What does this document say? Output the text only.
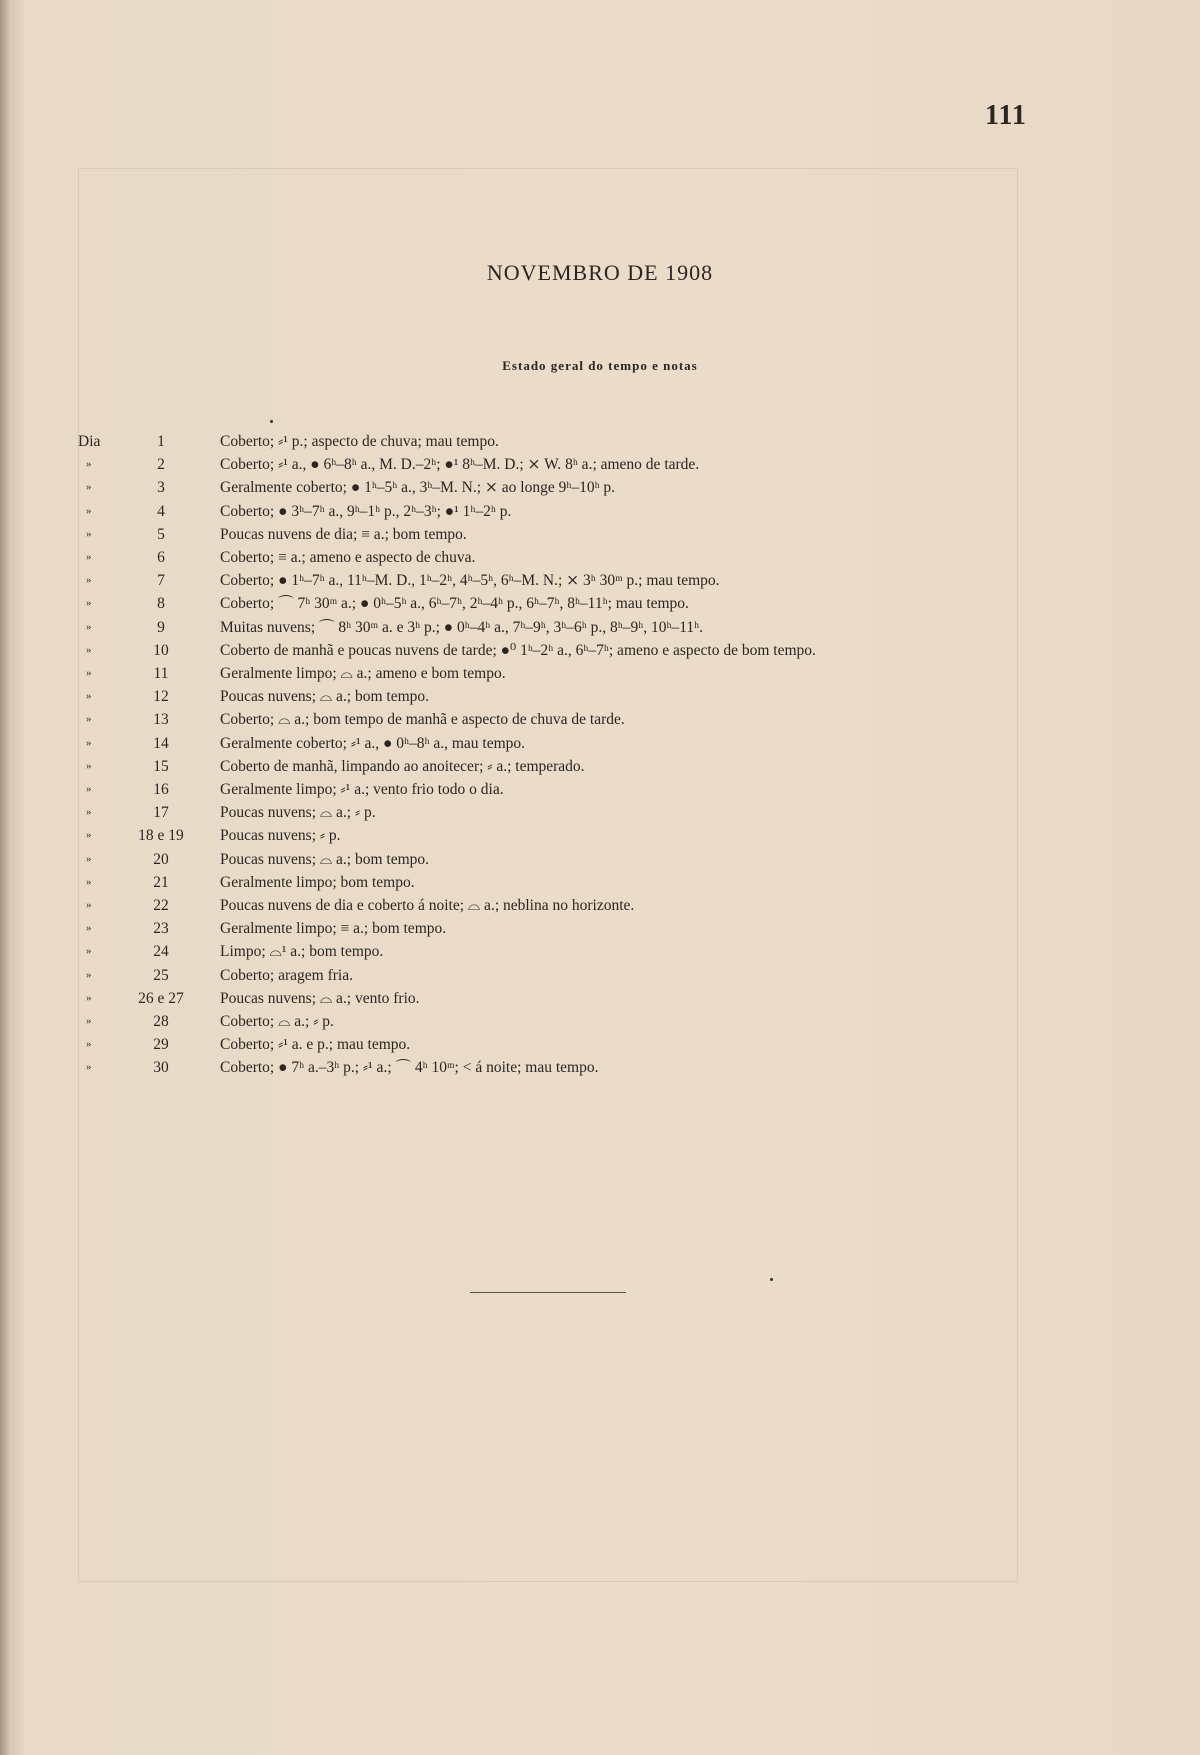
111
NOVEMBRO DE 1908
Estado geral do tempo e notas
Dia	1	Coberto; ⸗¹ p.; aspecto de chuva; mau tempo.
»	2	Coberto; ⸗¹ a., ● 6ʰ–8ʰ a., M. D.–2ʰ; ●¹ 8ʰ–M. D.; ⨯ W. 8ʰ a.; ameno de tarde.
»	3	Geralmente coberto; ● 1ʰ–5ʰ a., 3ʰ–M. N.; ⨯ ao longe 9ʰ–10ʰ p.
»	4	Coberto; ● 3ʰ–7ʰ a., 9ʰ–1ʰ p., 2ʰ–3ʰ; ●¹ 1ʰ–2ʰ p.
»	5	Poucas nuvens de dia; ≡ a.; bom tempo.
»	6	Coberto; ≡ a.; ameno e aspecto de chuva.
»	7	Coberto; ● 1ʰ–7ʰ a., 11ʰ–M. D., 1ʰ–2ʰ, 4ʰ–5ʰ, 6ʰ–M. N.; ⨯ 3ʰ 30ᵐ p.; mau tempo.
»	8	Coberto; ⌒ 7ʰ 30ᵐ a.; ● 0ʰ–5ʰ a., 6ʰ–7ʰ, 2ʰ–4ʰ p., 6ʰ–7ʰ, 8ʰ–11ʰ; mau tempo.
»	9	Muitas nuvens; ⌒ 8ʰ 30ᵐ a. e 3ʰ p.; ● 0ʰ–4ʰ a., 7ʰ–9ʰ, 3ʰ–6ʰ p., 8ʰ–9ʰ, 10ʰ–11ʰ.
»	10	Coberto de manhã e poucas nuvens de tarde; ●⁰ 1ʰ–2ʰ a., 6ʰ–7ʰ; ameno e aspecto de bom tempo.
»	11	Geralmente limpo; ⌓ a.; ameno e bom tempo.
»	12	Poucas nuvens; ⌓ a.; bom tempo.
»	13	Coberto; ⌓ a.; bom tempo de manhã e aspecto de chuva de tarde.
»	14	Geralmente coberto; ⸗¹ a., ● 0ʰ–8ʰ a., mau tempo.
»	15	Coberto de manhã, limpando ao anoitecer; ⸗ a.; temperado.
»	16	Geralmente limpo; ⸗¹ a.; vento frio todo o dia.
»	17	Poucas nuvens; ⌓ a.; ⸗ p.
»	18 e 19	Poucas nuvens; ⸗ p.
»	20	Poucas nuvens; ⌓ a.; bom tempo.
»	21	Geralmente limpo; bom tempo.
»	22	Poucas nuvens de dia e coberto á noite; ⌓ a.; neblina no horizonte.
»	23	Geralmente limpo; ≡ a.; bom tempo.
»	24	Limpo; ⌓¹ a.; bom tempo.
»	25	Coberto; aragem fria.
»	26 e 27	Poucas nuvens; ⌓ a.; vento frio.
»	28	Coberto; ⌓ a.; ⸗ p.
»	29	Coberto; ⸗¹ a. e p.; mau tempo.
»	30	Coberto; ● 7ʰ a.–3ʰ p.; ⸗¹ a.; ⌒ 4ʰ 10ᵐ; < á noite; mau tempo.
